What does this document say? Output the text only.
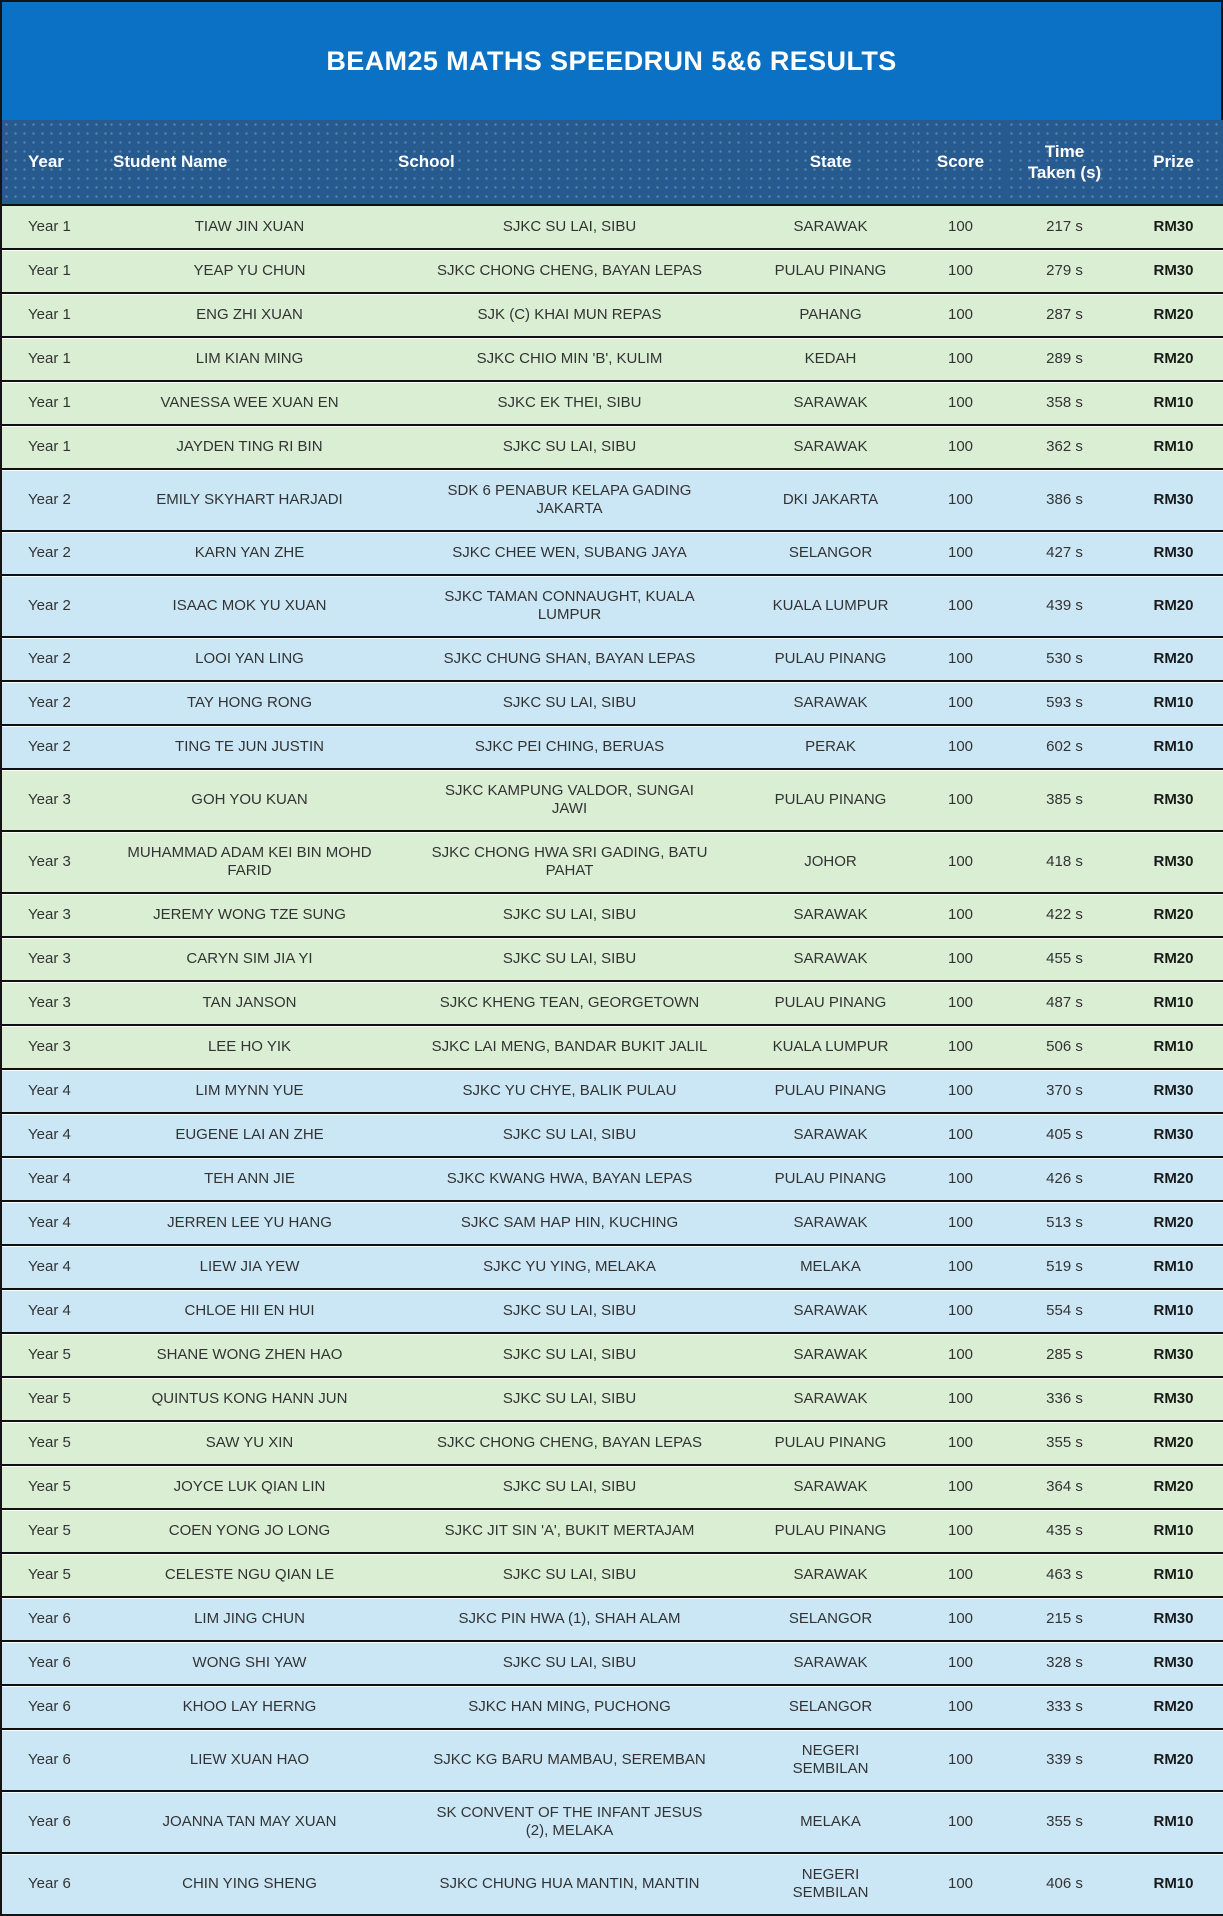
BEAM25 MATHS SPEEDRUN 5&6 RESULTS
Year	Student Name	School	State	Score	Time Taken (s)	Prize
Year 1	TIAW JIN XUAN	SJKC SU LAI, SIBU	SARAWAK	100	217 s	RM30
Year 1	YEAP YU CHUN	SJKC CHONG CHENG, BAYAN LEPAS	PULAU PINANG	100	279 s	RM30
Year 1	ENG ZHI XUAN	SJK (C) KHAI MUN REPAS	PAHANG	100	287 s	RM20
Year 1	LIM KIAN MING	SJKC CHIO MIN 'B', KULIM	KEDAH	100	289 s	RM20
Year 1	VANESSA WEE XUAN EN	SJKC EK THEI, SIBU	SARAWAK	100	358 s	RM10
Year 1	JAYDEN TING RI BIN	SJKC SU LAI, SIBU	SARAWAK	100	362 s	RM10
Year 2	EMILY SKYHART HARJADI	SDK 6 PENABUR KELAPA GADING JAKARTA	DKI JAKARTA	100	386 s	RM30
Year 2	KARN YAN ZHE	SJKC CHEE WEN, SUBANG JAYA	SELANGOR	100	427 s	RM30
Year 2	ISAAC MOK YU XUAN	SJKC TAMAN CONNAUGHT, KUALA LUMPUR	KUALA LUMPUR	100	439 s	RM20
Year 2	LOOI YAN LING	SJKC CHUNG SHAN, BAYAN LEPAS	PULAU PINANG	100	530 s	RM20
Year 2	TAY HONG RONG	SJKC SU LAI, SIBU	SARAWAK	100	593 s	RM10
Year 2	TING TE JUN JUSTIN	SJKC PEI CHING, BERUAS	PERAK	100	602 s	RM10
Year 3	GOH YOU KUAN	SJKC KAMPUNG VALDOR, SUNGAI JAWI	PULAU PINANG	100	385 s	RM30
Year 3	MUHAMMAD ADAM KEI BIN MOHD FARID	SJKC CHONG HWA SRI GADING, BATU PAHAT	JOHOR	100	418 s	RM30
Year 3	JEREMY WONG TZE SUNG	SJKC SU LAI, SIBU	SARAWAK	100	422 s	RM20
Year 3	CARYN SIM JIA YI	SJKC SU LAI, SIBU	SARAWAK	100	455 s	RM20
Year 3	TAN JANSON	SJKC KHENG TEAN, GEORGETOWN	PULAU PINANG	100	487 s	RM10
Year 3	LEE HO YIK	SJKC LAI MENG, BANDAR BUKIT JALIL	KUALA LUMPUR	100	506 s	RM10
Year 4	LIM MYNN YUE	SJKC YU CHYE, BALIK PULAU	PULAU PINANG	100	370 s	RM30
Year 4	EUGENE LAI AN ZHE	SJKC SU LAI, SIBU	SARAWAK	100	405 s	RM30
Year 4	TEH ANN JIE	SJKC KWANG HWA, BAYAN LEPAS	PULAU PINANG	100	426 s	RM20
Year 4	JERREN LEE YU HANG	SJKC SAM HAP HIN, KUCHING	SARAWAK	100	513 s	RM20
Year 4	LIEW JIA YEW	SJKC YU YING, MELAKA	MELAKA	100	519 s	RM10
Year 4	CHLOE HII EN HUI	SJKC SU LAI, SIBU	SARAWAK	100	554 s	RM10
Year 5	SHANE WONG ZHEN HAO	SJKC SU LAI, SIBU	SARAWAK	100	285 s	RM30
Year 5	QUINTUS KONG HANN JUN	SJKC SU LAI, SIBU	SARAWAK	100	336 s	RM30
Year 5	SAW YU XIN	SJKC CHONG CHENG, BAYAN LEPAS	PULAU PINANG	100	355 s	RM20
Year 5	JOYCE LUK QIAN LIN	SJKC SU LAI, SIBU	SARAWAK	100	364 s	RM20
Year 5	COEN YONG JO LONG	SJKC JIT SIN 'A', BUKIT MERTAJAM	PULAU PINANG	100	435 s	RM10
Year 5	CELESTE NGU QIAN LE	SJKC SU LAI, SIBU	SARAWAK	100	463 s	RM10
Year 6	LIM JING CHUN	SJKC PIN HWA (1), SHAH ALAM	SELANGOR	100	215 s	RM30
Year 6	WONG SHI YAW	SJKC SU LAI, SIBU	SARAWAK	100	328 s	RM30
Year 6	KHOO LAY HERNG	SJKC HAN MING, PUCHONG	SELANGOR	100	333 s	RM20
Year 6	LIEW XUAN HAO	SJKC KG BARU MAMBAU, SEREMBAN	NEGERI SEMBILAN	100	339 s	RM20
Year 6	JOANNA TAN MAY XUAN	SK CONVENT OF THE INFANT JESUS (2), MELAKA	MELAKA	100	355 s	RM10
Year 6	CHIN YING SHENG	SJKC CHUNG HUA MANTIN, MANTIN	NEGERI SEMBILAN	100	406 s	RM10
